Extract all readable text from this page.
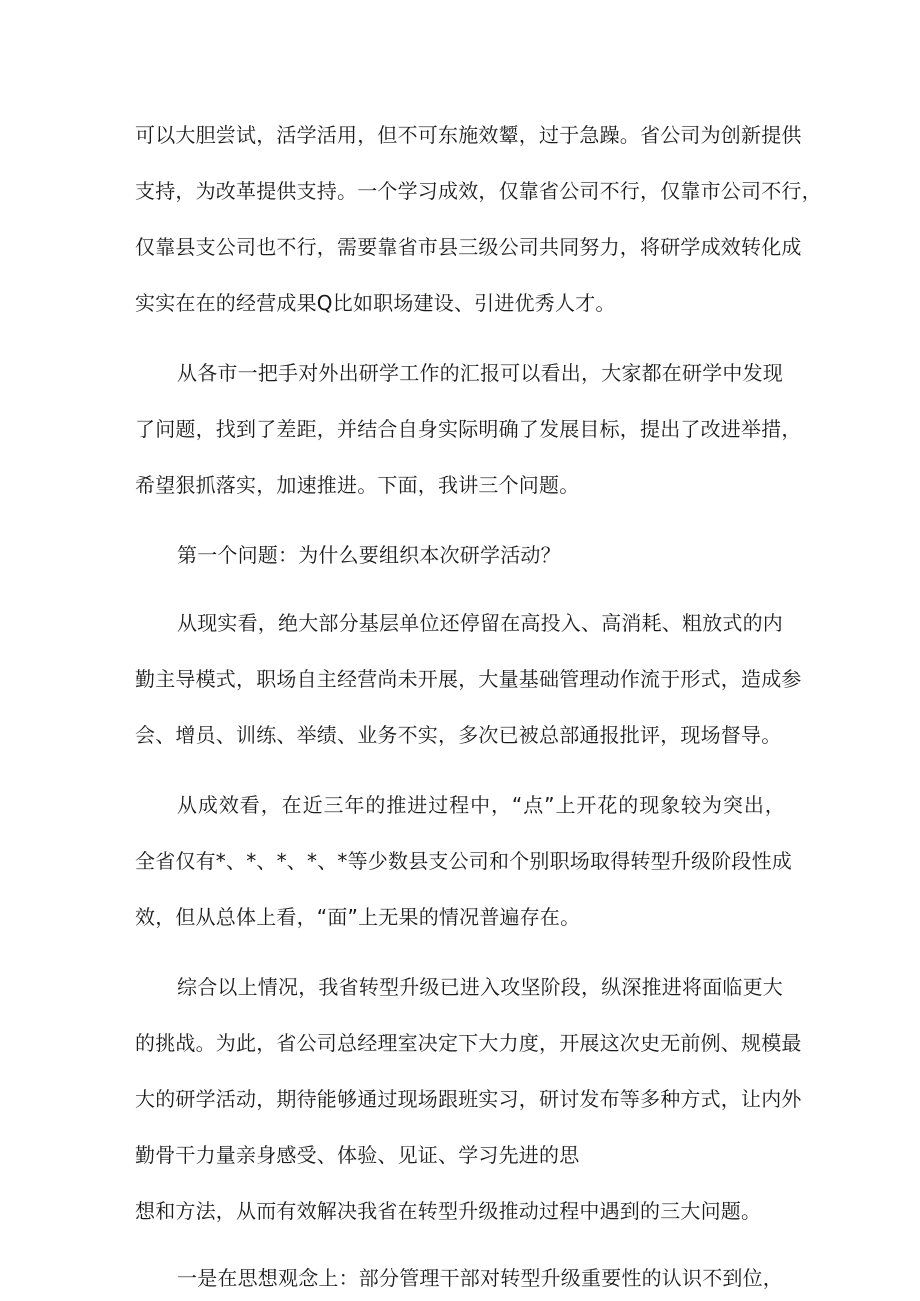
可以大胆尝试，活学活用，但不可东施效颦，过于急躁。省公司为创新提供
支持，为改革提供支持。一个学习成效，仅靠省公司不行，仅靠市公司不行，
仅靠县支公司也不行，需要靠省市县三级公司共同努力，将研学成效转化成
实实在在的经营成果Q比如职场建设、引进优秀人才。
从各市一把手对外出研学工作的汇报可以看出，大家都在研学中发现
了问题，找到了差距，并结合自身实际明确了发展目标，提出了改进举措，
希望狠抓落实，加速推进。下面，我讲三个问题。
第一个问题：为什么要组织本次研学活动？
从现实看，绝大部分基层单位还停留在高投入、高消耗、粗放式的内
勤主导模式，职场自主经营尚未开展，大量基础管理动作流于形式，造成参
会、增员、训练、举绩、业务不实，多次已被总部通报批评，现场督导。
从成效看，在近三年的推进过程中，“点”上开花的现象较为突出，
全省仅有*、*、*、*、*等少数县支公司和个别职场取得转型升级阶段性成
效，但从总体上看，“面”上无果的情况普遍存在。
综合以上情况，我省转型升级已进入攻坚阶段，纵深推进将面临更大
的挑战。为此，省公司总经理室决定下大力度，开展这次史无前例、规模最
大的研学活动，期待能够通过现场跟班实习，研讨发布等多种方式，让内外
勤骨干力量亲身感受、体验、见证、学习先进的思
想和方法，从而有效解决我省在转型升级推动过程中遇到的三大问题。
一是在思想观念上：部分管理干部对转型升级重要性的认识不到位，
